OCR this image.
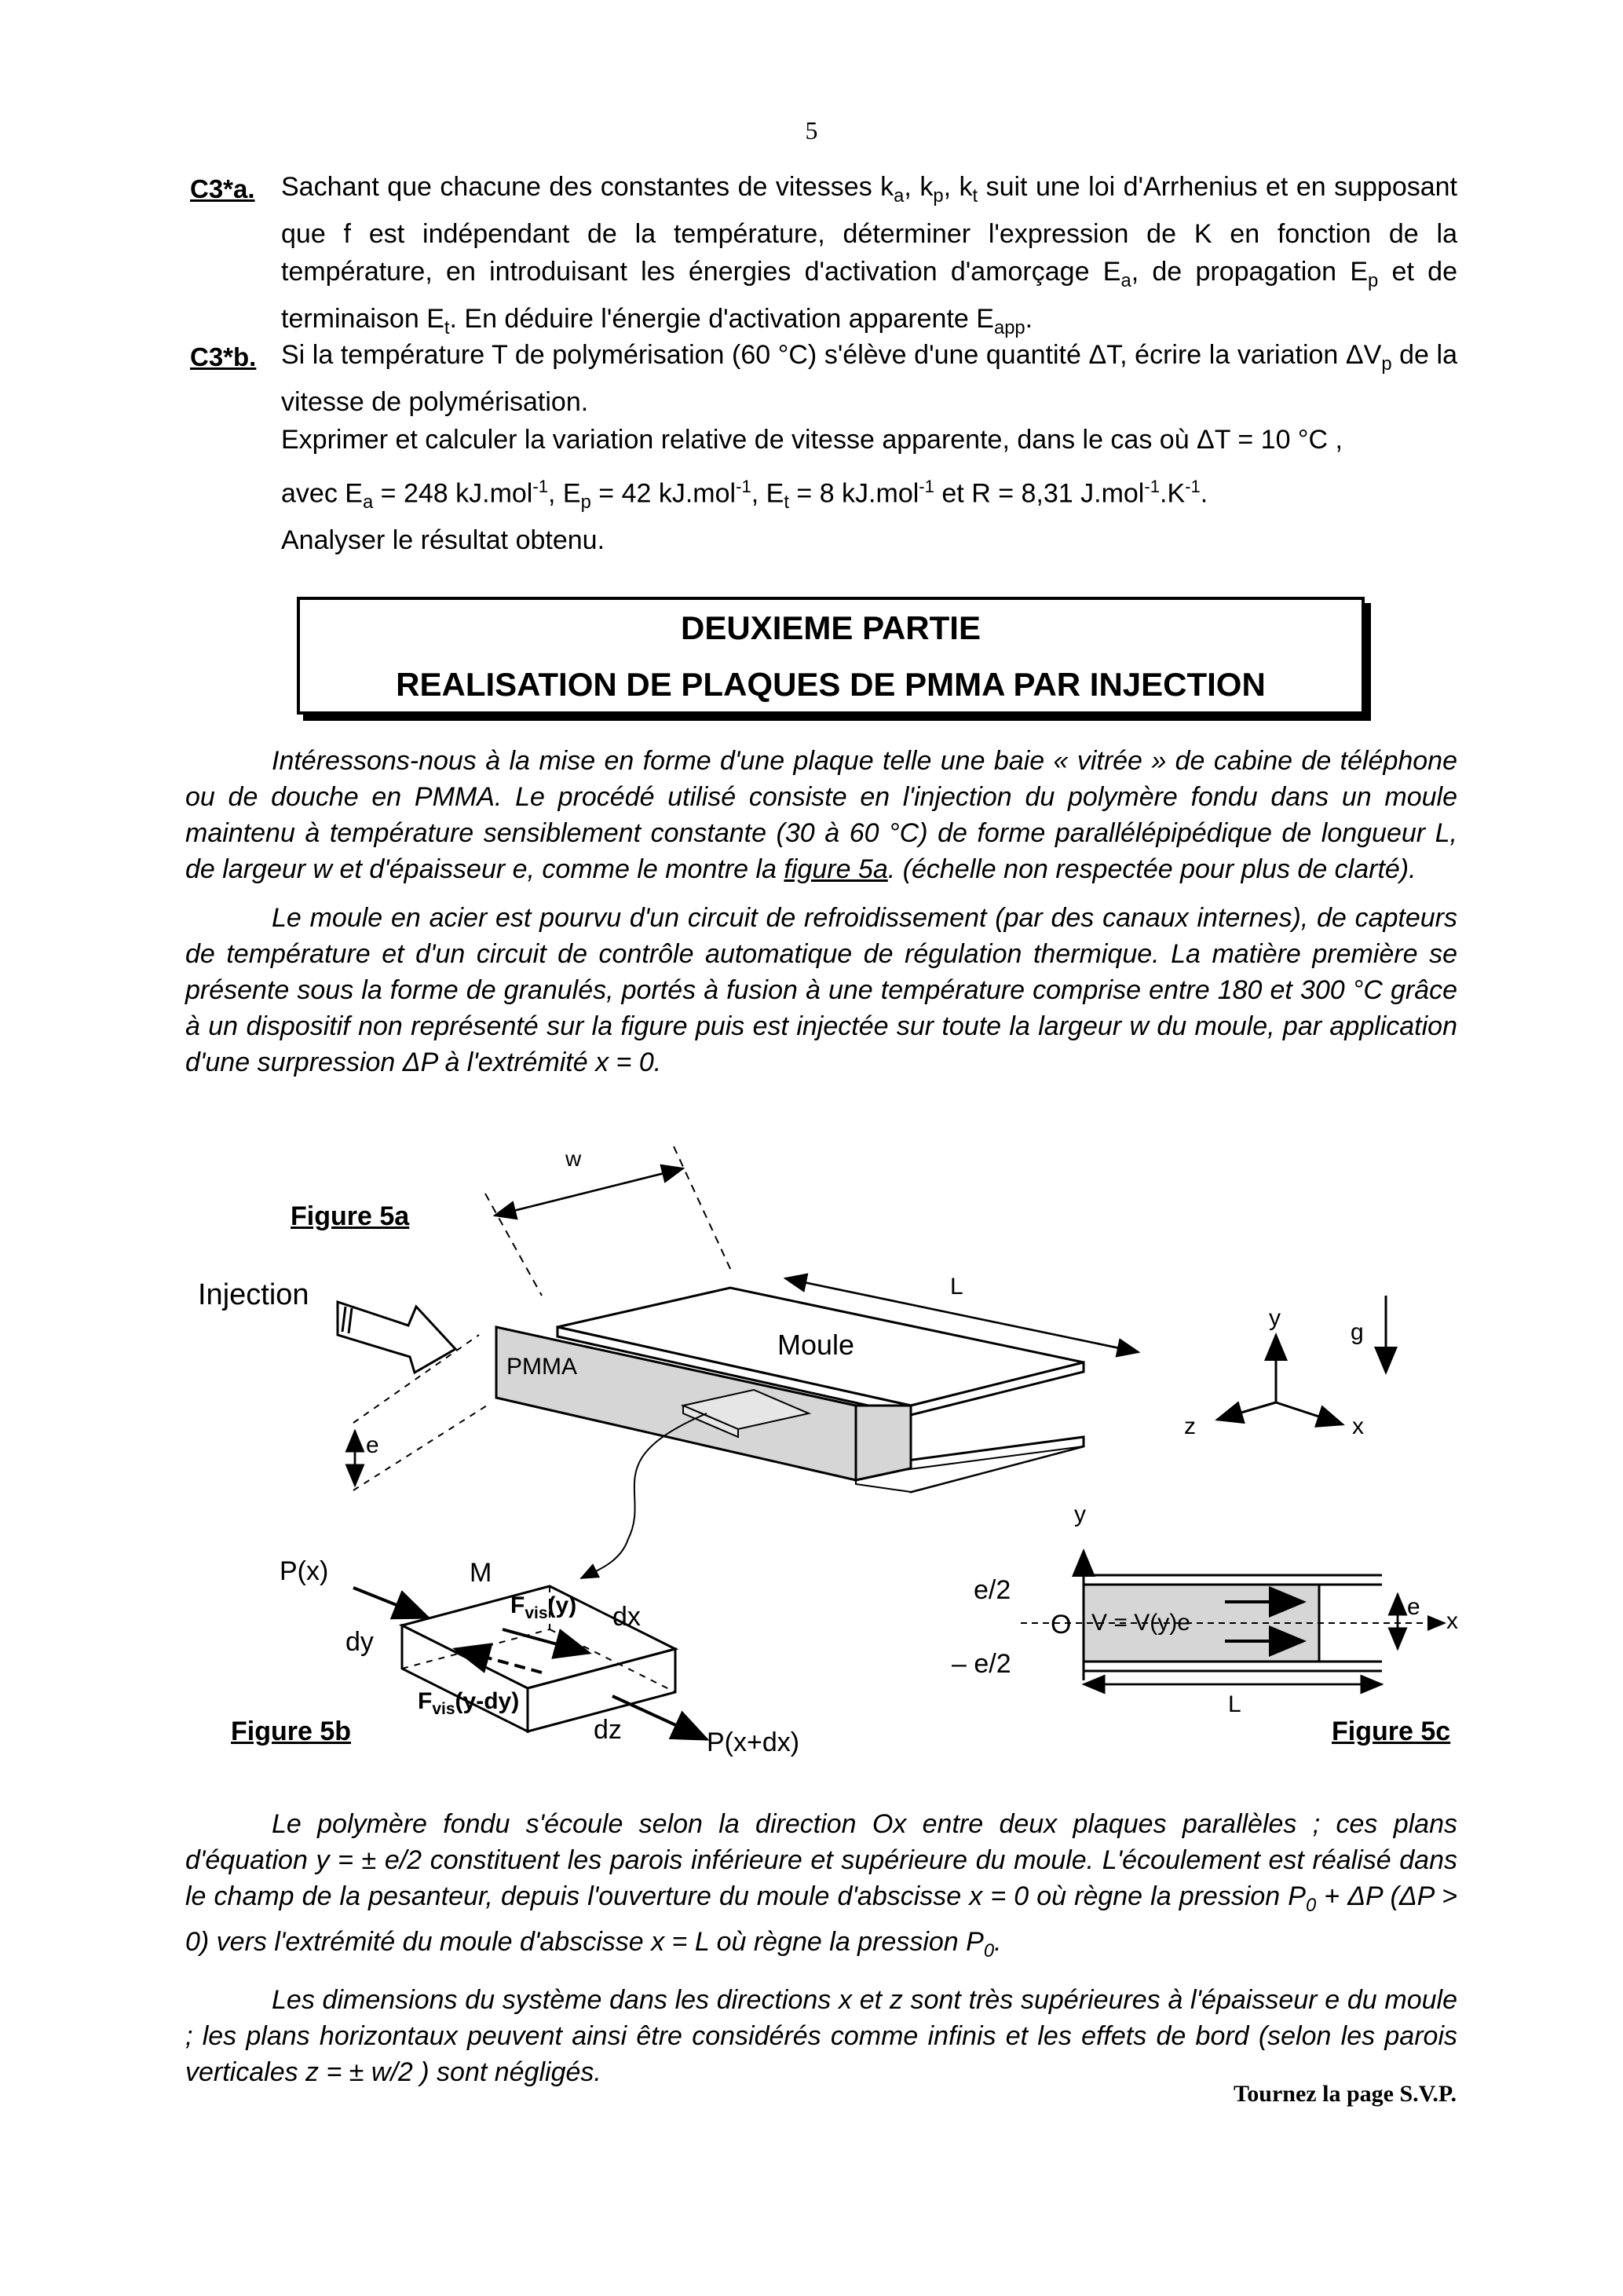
5
C3*a. Sachant que chacune des constantes de vitesses $k_a$, $k_p$, $k_t$ suit une loi d'Arrhenius et en supposant que f est indépendant de la température, déterminer l'expression de K en fonction de la température, en introduisant les énergies d'activation d'amorçage $E_a$, de propagation $E_p$ et de terminaison $E_t$. En déduire l'énergie d'activation apparente $E_{app}$.
C3*b. Si la température T de polymérisation (60 °C) s'élève d'une quantité ΔT, écrire la variation $\Delta V_p$ de la vitesse de polymérisation.

Exprimer et calculer la variation relative de vitesse apparente, dans le cas où ΔT = 10 °C ,

avec $E_a = 248$ kJ.mol$^{-1}$, $E_p = 42$ kJ.mol$^{-1}$, $E_t = 8$ kJ.mol$^{-1}$ et R = 8,31 $J.mol^{-1}.K^{-1}$.

Analyser le résultat obtenu.

DEUXIEME PARTIE
REALISATION DE PLAQUES DE PMMA PAR INJECTION

Intéressons-nous à la mise en forme d'une plaque telle une baie « vitrée » de cabine de téléphone ou de douche en PMMA. Le procédé utilisé consiste en l'injection du polymère fondu dans un moule maintenu à température sensiblement constante (30 à 60 °C) de forme parallélépipédique de longueur L, de largeur w et d'épaisseur e, comme le montre la figure 5a. (échelle non respectée pour plus de clarté).

Le moule en acier est pourvu d'un circuit de refroidissement (par des canaux internes), de capteurs de température et d'un circuit de contrôle automatique de régulation thermique. La matière première se présente sous la forme de granulés, portés à fusion à une température comprise entre 180 et 300 °C grâce à un dispositif non représenté sur la figure puis est injectée sur toute la largeur w du moule, par application d'une surpression ΔP à l'extrémité x = 0.

Figure 5a
Figure 5b	Figure 5c
Injection
PMMA
Moule
w
L
e
y
g
z	x
P(x)	M
dy
dx
dz	P(x+dx)
$F_{vis}(y)$
$F_{vis}(y-dy)$
e/2
– e/2
O V = V(y)e
L
e
x
y

Le polymère fondu s'écoule selon la direction Ox entre deux plaques parallèles ; ces plans d'équation y = ± e/2 constituent les parois inférieure et supérieure du moule. L'écoulement est réalisé dans le champ de la pesanteur, depuis l'ouverture du moule d'abscisse x = 0 où règne la pression $P_0 + \Delta P$ (ΔP > 0) vers l'extrémité du moule d'abscisse x = L où règne la pression $P_0$.

Les dimensions du système dans les directions x et z sont très supérieures à l'épaisseur e du moule ; les plans horizontaux peuvent ainsi être considérés comme infinis et les effets de bord (selon les parois verticales z = ± w/2 ) sont négligés.

Tournez la page S.V.P.
